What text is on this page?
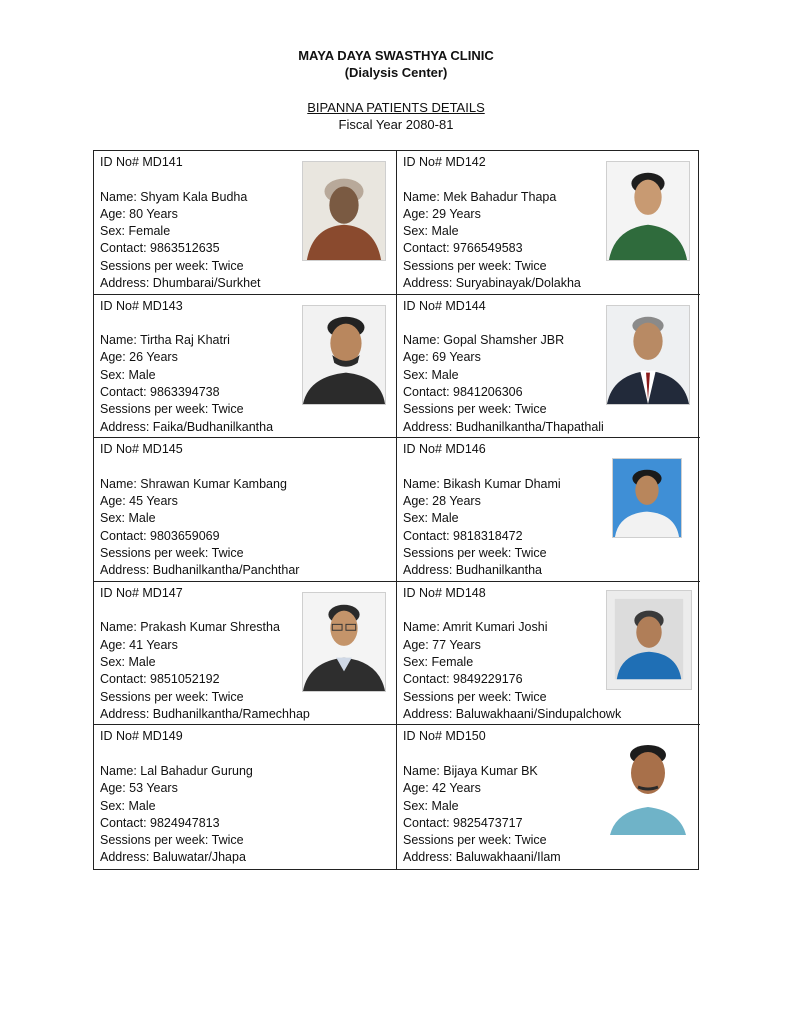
MAYA DAYA SWASTHYA CLINIC
(Dialysis Center)
BIPANNA PATIENTS DETAILS
Fiscal Year 2080-81
ID No# MD141
Name: Shyam Kala Budha
Age: 80 Years
Sex: Female
Contact: 9863512635
Sessions per week: Twice
Address: Dhumbarai/Surkhet
ID No# MD142
Name: Mek Bahadur Thapa
Age: 29 Years
Sex: Male
Contact: 9766549583
Sessions per week: Twice
Address: Suryabinayak/Dolakha
ID No# MD143
Name: Tirtha Raj Khatri
Age: 26 Years
Sex: Male
Contact: 9863394738
Sessions per week: Twice
Address: Faika/Budhanilkantha
ID No# MD144
Name: Gopal Shamsher JBR
Age: 69 Years
Sex: Male
Contact: 9841206306
Sessions per week: Twice
Address: Budhanilkantha/Thapathali
ID No# MD145
Name: Shrawan Kumar Kambang
Age: 45 Years
Sex: Male
Contact: 9803659069
Sessions per week: Twice
Address: Budhanilkantha/Panchthar
ID No# MD146
Name: Bikash Kumar Dhami
Age: 28 Years
Sex: Male
Contact: 9818318472
Sessions per week: Twice
Address: Budhanilkantha
ID No# MD147
Name: Prakash Kumar Shrestha
Age: 41 Years
Sex: Male
Contact: 9851052192
Sessions per week: Twice
Address: Budhanilkantha/Ramechhap
ID No# MD148
Name: Amrit Kumari Joshi
Age: 77 Years
Sex: Female
Contact: 9849229176
Sessions per week: Twice
Address: Baluwakhaani/Sindupalchowk
ID No# MD149
Name: Lal Bahadur Gurung
Age: 53 Years
Sex: Male
Contact: 9824947813
Sessions per week: Twice
Address: Baluwatar/Jhapa
ID No# MD150
Name: Bijaya Kumar BK
Age: 42 Years
Sex: Male
Contact: 9825473717
Sessions per week: Twice
Address: Baluwakhaani/Ilam
